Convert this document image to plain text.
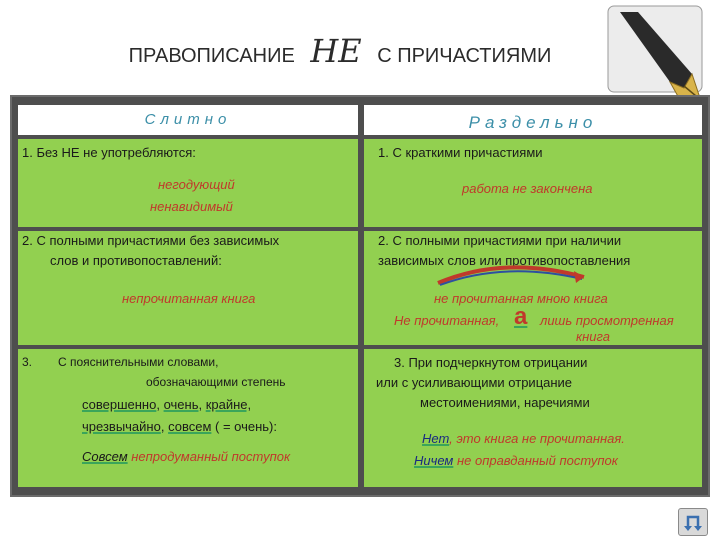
ПРАВОПИСАНИЕ НЕ С ПРИЧАСТИЯМИ
Слитно	Раздельно
1. Без НЕ не употребляются:
негодующий
ненавидимый
1. С краткими причастиями
работа не закончена
2. С полными причастиями без зависимых
слов и противопоставлений:
непрочитанная книга
2. С полными причастиями при наличии
зависимых слов или противопоставления
не прочитанная мною книга
Не прочитанная, а лишь просмотренная
книга
3. С пояснительными словами,
обозначающими степень
совершенно, очень, крайне,
чрезвычайно, совсем ( = очень):
Совсем непродуманный поступок
3. При подчеркнутом отрицании
или с усиливающими отрицание
местоимениями, наречиями
Нет, это книга не прочитанная.
Ничем не оправданный поступок
